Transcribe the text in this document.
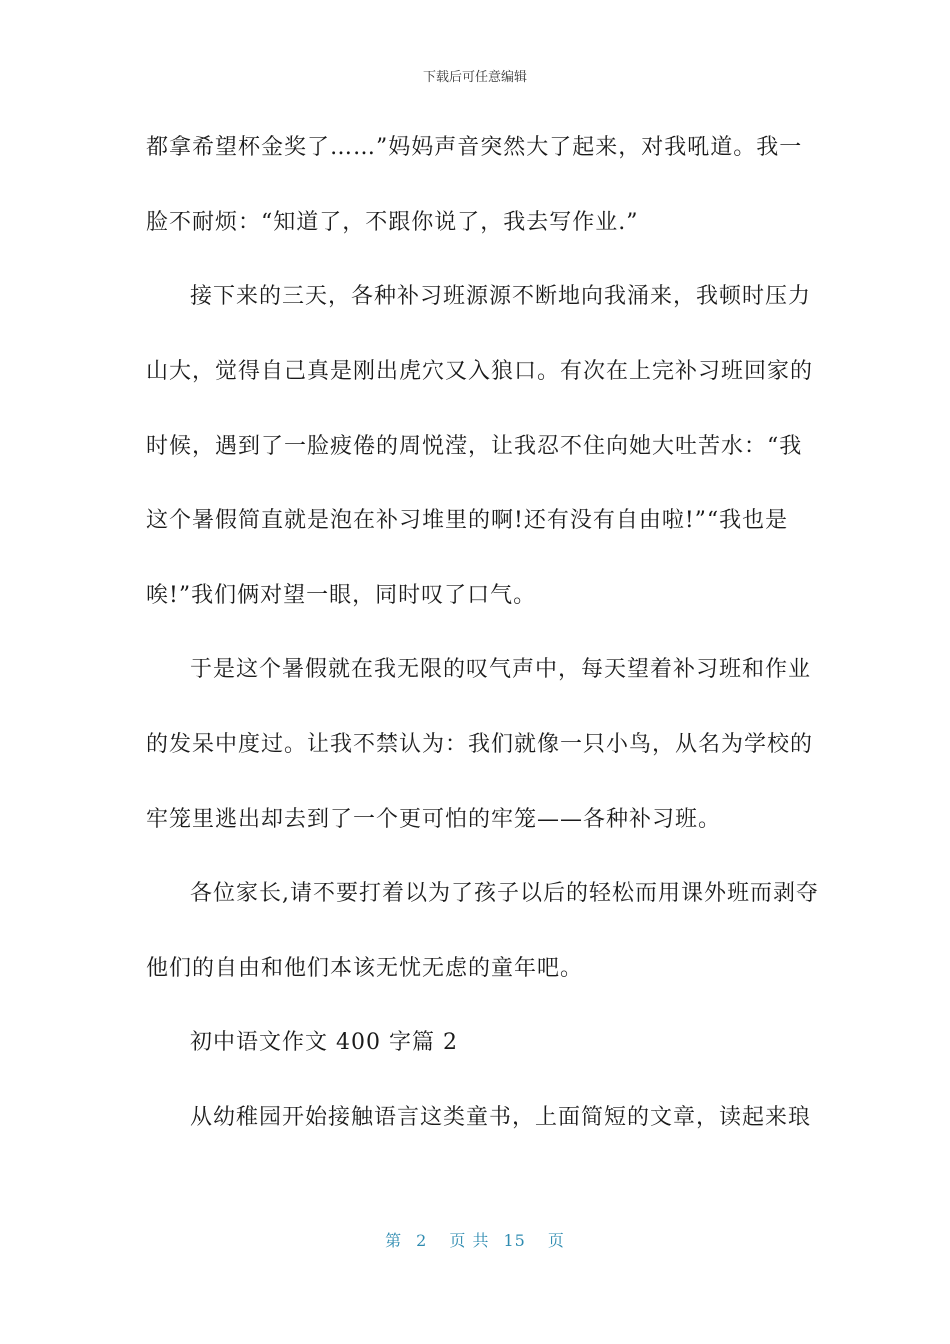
下载后可任意编辑
都拿希望杯金奖了……”妈妈声音突然大了起来，对我吼道。我一
脸不耐烦：“知道了，不跟你说了，我去写作业.”
接下来的三天，各种补习班源源不断地向我涌来，我顿时压力
山大，觉得自己真是刚出虎穴又入狼口。有次在上完补习班回家的
时候，遇到了一脸疲倦的周悦滢，让我忍不住向她大吐苦水：“我
这个暑假简直就是泡在补习堆里的啊!还有没有自由啦!”“我也是
唉!”我们俩对望一眼，同时叹了口气。
于是这个暑假就在我无限的叹气声中，每天望着补习班和作业
的发呆中度过。让我不禁认为：我们就像一只小鸟，从名为学校的
牢笼里逃出却去到了一个更可怕的牢笼——各种补习班。
各位家长,请不要打着以为了孩子以后的轻松而用课外班而剥夺
他们的自由和他们本该无忧无虑的童年吧。
初中语文作文 400 字篇 2
从幼稚园开始接触语言这类童书，上面简短的文章，读起来琅
第 2 页 共 15 页
